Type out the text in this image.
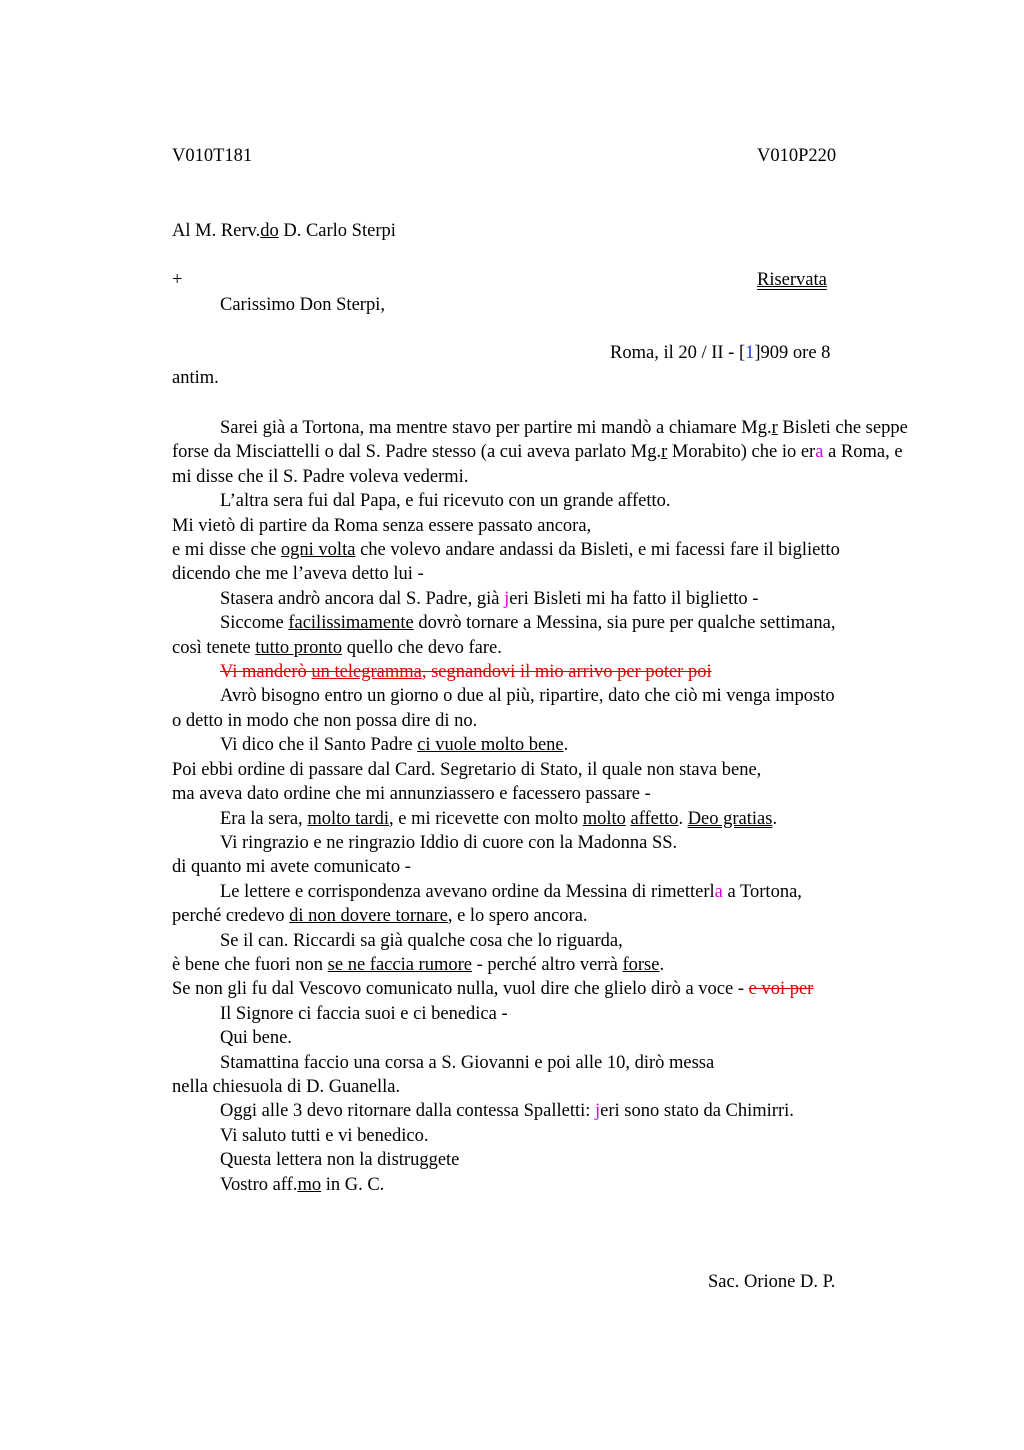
V010T181	V010P220
Al M. Rerv.do D. Carlo Sterpi
+	Riservata
Carissimo Don Sterpi,
Roma, il 20 / II - [1]909 ore 8
antim.

Sarei già a Tortona, ma mentre stavo per partire mi mandò a chiamare Mg.r Bisleti che seppe forse da Misciattelli o dal S. Padre stesso (a cui aveva parlato Mg.r Morabito) che io era a Roma, e mi disse che il S. Padre voleva vedermi.

L’altra sera fui dal Papa, e fui ricevuto con un grande affetto.

Mi vietò di partire da Roma senza essere passato ancora,

e mi disse che ogni volta che volevo andare andassi da Bisleti, e mi facessi fare il biglietto

dicendo che me l’aveva detto lui -

Stasera andrò ancora dal S. Padre, già jeri Bisleti mi ha fatto il biglietto -

Siccome facilissimamente dovrò tornare a Messina, sia pure per qualche settimana,

così tenete tutto pronto quello che devo fare.

Vi manderò un telegramma, segnandovi il mio arrivo per poter poi

Avrò bisogno entro un giorno o due al più, ripartire, dato che ciò mi venga imposto

o detto in modo che non possa dire di no.

Vi dico che il Santo Padre ci vuole molto bene.

Poi ebbi ordine di passare dal Card. Segretario di Stato, il quale non stava bene,

ma aveva dato ordine che mi annunziassero e facessero passare -

Era la sera, molto tardi, e mi ricevette con molto molto affetto. Deo gratias.

Vi ringrazio e ne ringrazio Iddio di cuore con la Madonna SS.

di quanto mi avete comunicato -

Le lettere e corrispondenza avevano ordine da Messina di rimetterla a Tortona,

perché credevo di non dovere tornare, e lo spero ancora.

Se il can. Riccardi sa già qualche cosa che lo riguarda,

è bene che fuori non se ne faccia rumore - perché altro verrà forse.

Se non gli fu dal Vescovo comunicato nulla, vuol dire che glielo dirò a voce - e voi per

Il Signore ci faccia suoi e ci benedica -

Qui bene.

Stamattina faccio una corsa a S. Giovanni e poi alle 10, dirò messa

nella chiesuola di D. Guanella.

Oggi alle 3 devo ritornare dalla contessa Spalletti: jeri sono stato da Chimirri.

Vi saluto tutti e vi benedico.

Questa lettera non la distruggete

Vostro aff.mo in G. C.

Sac. Orione D. P.
